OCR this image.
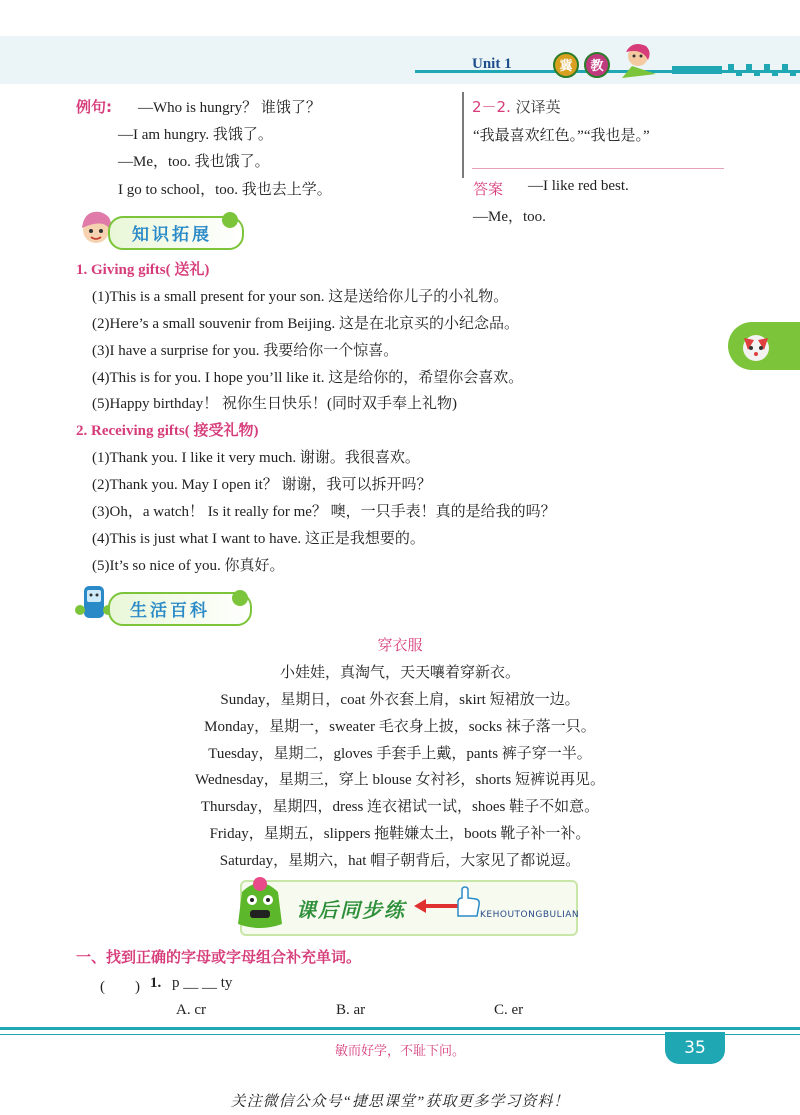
Unit 1	冀	教
例句: —Who is hungry？ 谁饿了？
—I am hungry. 我饿了。
—Me，too. 我也饿了。
I go to school，too. 我也去上学。
2－2. 汉译英
“我最喜欢红色。”“我也是。”
答案 —I like red best.
—Me，too.
知识拓展
1. Giving gifts( 送礼)
(1)This is a small present for your son. 这是送给你儿子的小礼物。
(2)Here’s a small souvenir from Beijing. 这是在北京买的小纪念品。
(3)I have a surprise for you. 我要给你一个惊喜。
(4)This is for you. I hope you’ll like it. 这是给你的，希望你会喜欢。
(5)Happy birthday！ 祝你生日快乐！(同时双手奉上礼物)
2. Receiving gifts( 接受礼物)
(1)Thank you. I like it very much. 谢谢。我很喜欢。
(2)Thank you. May I open it？ 谢谢，我可以拆开吗？
(3)Oh，a watch！ Is it really for me？ 噢，一只手表！真的是给我的吗？
(4)This is just what I want to have. 这正是我想要的。
(5)It’s so nice of you. 你真好。
生活百科
穿衣服
小娃娃，真淘气，天天嚷着穿新衣。
Sunday，星期日，coat 外衣套上肩，skirt 短裙放一边。
Monday，星期一，sweater 毛衣身上披，socks 袜子落一只。
Tuesday，星期二，gloves 手套手上戴，pants 裤子穿一半。
Wednesday，星期三，穿上 blouse 女衬衫，shorts 短裤说再见。
Thursday，星期四，dress 连衣裙试一试，shoes 鞋子不如意。
Friday，星期五，slippers 拖鞋嫌太土，boots 靴子补一补。
Saturday，星期六，hat 帽子朝背后，大家见了都说逗。
课后同步练	KEHOUTONGBULIAN
一、找到正确的字母或字母组合补充单词。
(　　) 1. p __ __ ty
A. cr	B. ar	C. er
敏而好学，不耻下问。	35
关注微信公众号“捷思课堂”获取更多学习资料！
